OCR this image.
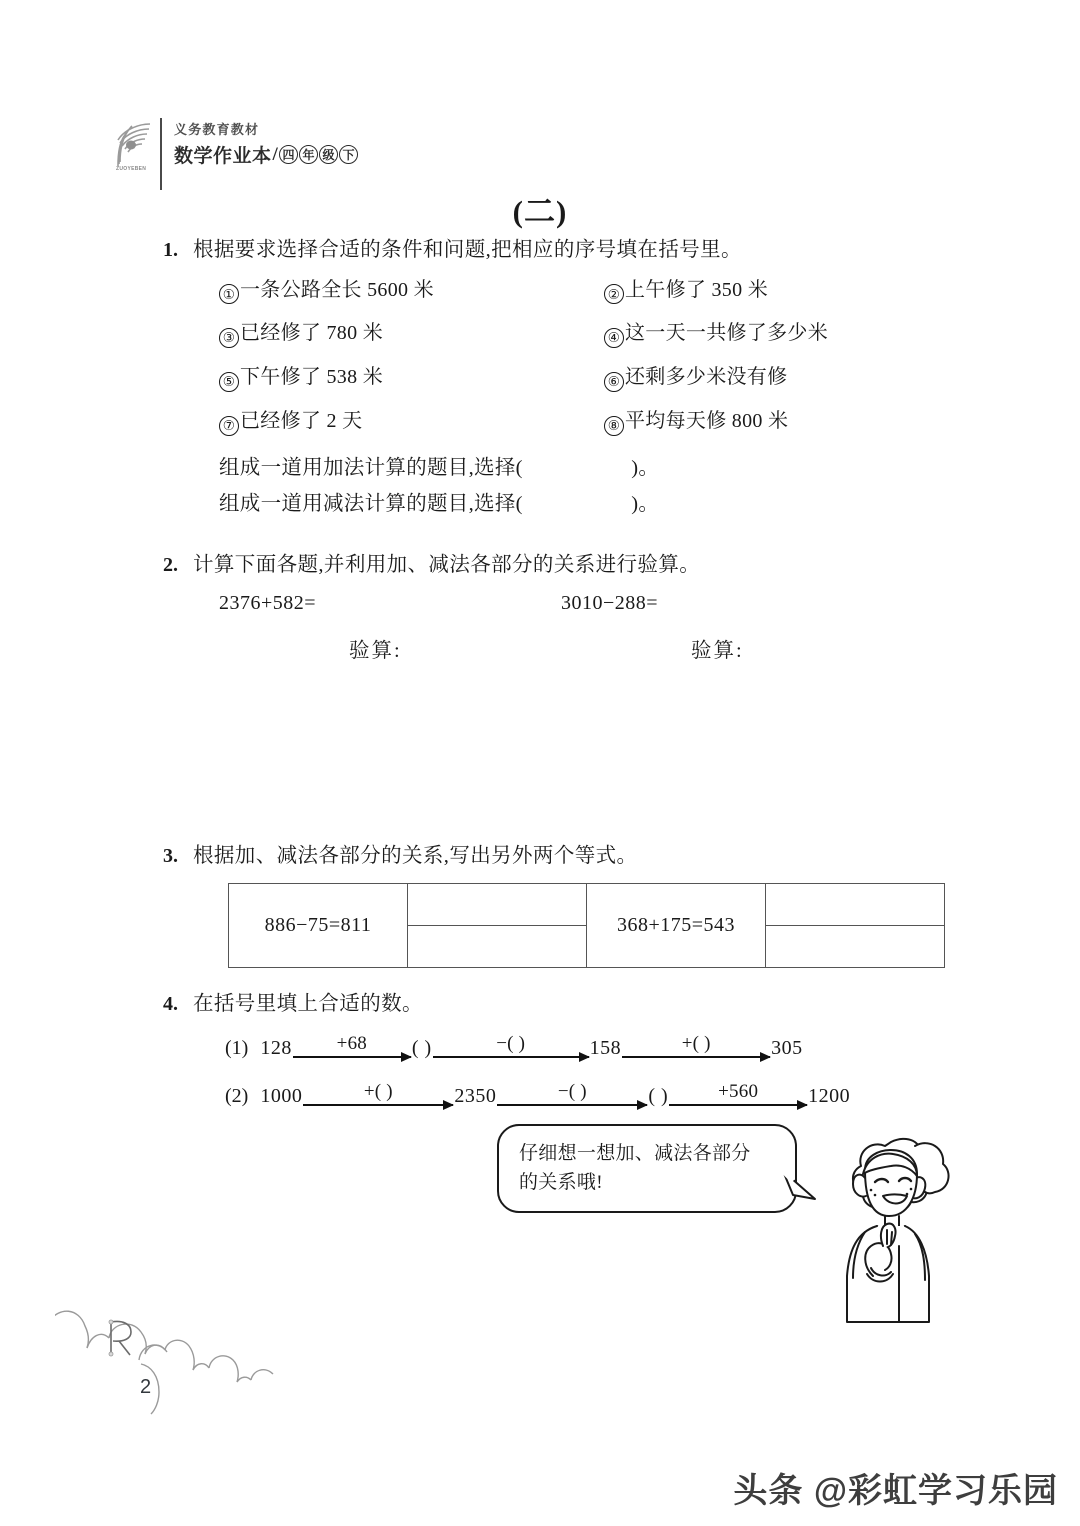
ZUOYEBEN
义务教育教材
数学作业本 / 四 年 级 下
(二)
1. 根据要求选择合适的条件和问题,把相应的序号填在括号里。
① 一条公路全长 5600 米	② 上午修了 350 米
③ 已经修了 780 米	④ 这一天一共修了多少米
⑤ 下午修了 538 米	⑥ 还剩多少米没有修
⑦ 已经修了 2 天	⑧ 平均每天修 800 米
组成一道用加法计算的题目,选择(                    )。
组成一道用减法计算的题目,选择(                    )。
2. 计算下面各题,并利用加、减法各部分的关系进行验算。
2376+582=	3010−288=
验算:	验算:
3. 根据加、减法各部分的关系,写出另外两个等式。
886−75=811		368+175=543	

4. 在括号里填上合适的数。
(1) 128	+68	( )	−( )	158	+( )	305
(2) 1000	+( )	2350	−( )	( )	+560	1200
仔细想一想加、减法各部分
的关系哦!
2
头条 @彩虹学习乐园
